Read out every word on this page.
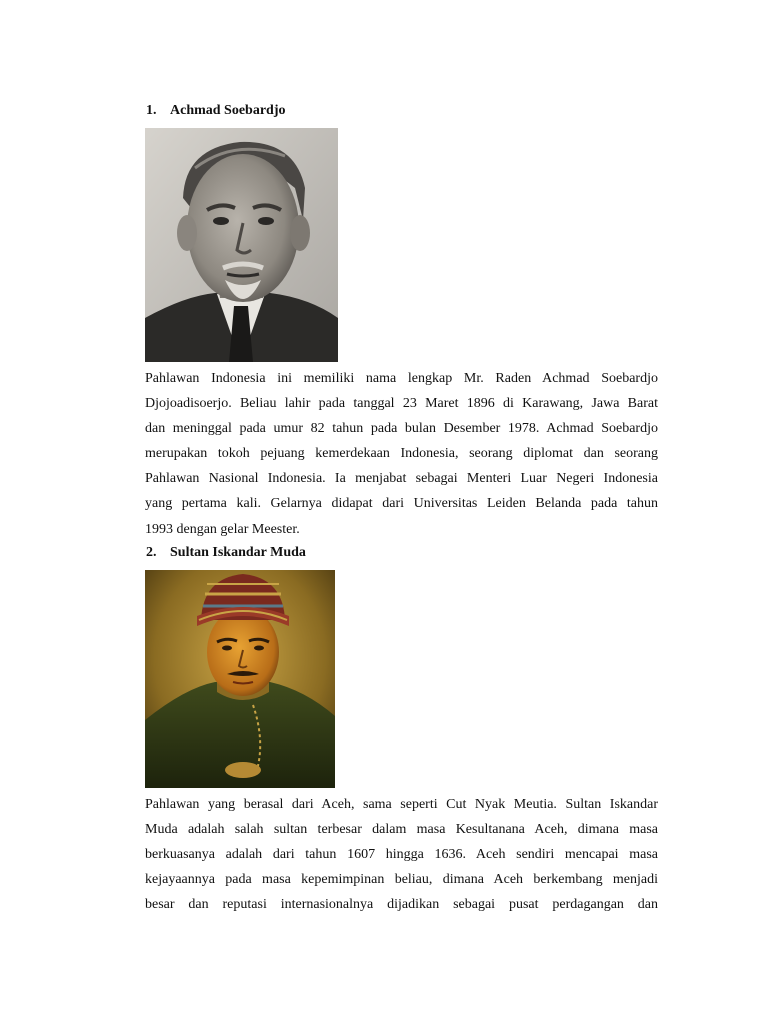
1. Achmad Soebardjo
Pahlawan Indonesia ini memiliki nama lengkap Mr. Raden Achmad Soebardjo
Djojoadisoerjo. Beliau lahir pada tanggal 23 Maret 1896 di Karawang, Jawa Barat
dan meninggal pada umur 82 tahun pada bulan Desember 1978. Achmad Soebardjo
merupakan tokoh pejuang kemerdekaan Indonesia, seorang diplomat dan seorang
Pahlawan Nasional Indonesia. Ia menjabat sebagai Menteri Luar Negeri Indonesia
yang pertama kali. Gelarnya didapat dari Universitas Leiden Belanda pada tahun
1993 dengan gelar Meester.
2. Sultan Iskandar Muda
Pahlawan yang berasal dari Aceh, sama seperti Cut Nyak Meutia. Sultan Iskandar
Muda adalah salah sultan terbesar dalam masa Kesultanana Aceh, dimana masa
berkuasanya adalah dari tahun 1607 hingga 1636. Aceh sendiri mencapai masa
kejayaannya pada masa kepemimpinan beliau, dimana Aceh berkembang menjadi
besar dan reputasi internasionalnya dijadikan sebagai pusat perdagangan dan
